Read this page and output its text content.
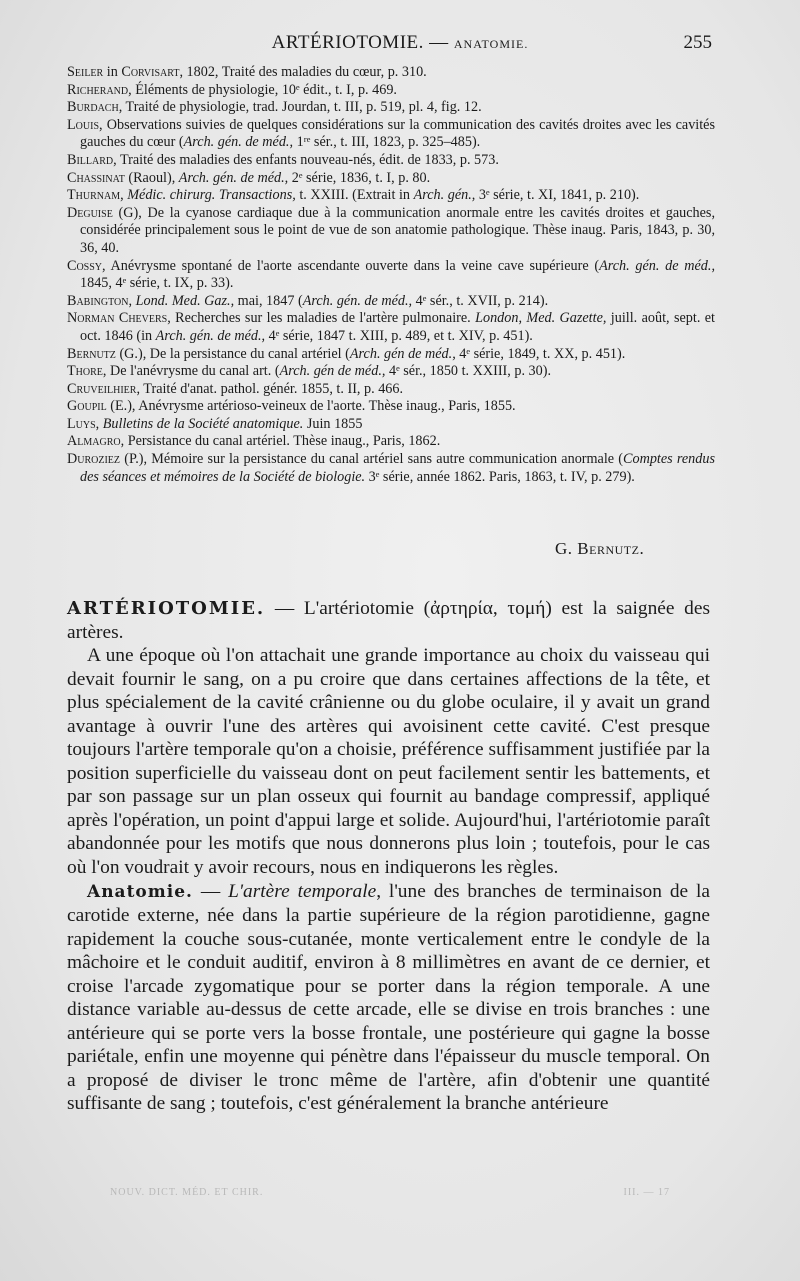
ARTÉRIOTOMIE. — ANATOMIE.	255
Seiler in Corvisart, 1802, Traité des maladies du cœur, p. 310.
Richerand, Éléments de physiologie, 10ᵉ édit., t. I, p. 469.
Burdach, Traité de physiologie, trad. Jourdan, t. III, p. 519, pl. 4, fig. 12.
Louis, Observations suivies de quelques considérations sur la communication des cavités droites avec les cavités gauches du cœur (Arch. gén. de méd., 1ʳᵉ sér., t. III, 1823, p. 325–485).
Billard, Traité des maladies des enfants nouveau-nés, édit. de 1833, p. 573.
Chassinat (Raoul), Arch. gén. de méd., 2ᵉ série, 1836, t. I, p. 80.
Thurnam, Médic. chirurg. Transactions, t. XXIII. (Extrait in Arch. gén., 3ᵉ série, t. XI, 1841, p. 210).
Deguise (G), De la cyanose cardiaque due à la communication anormale entre les cavités droites et gauches, considérée principalement sous le point de vue de son anatomie pathologique. Thèse inaug. Paris, 1843, p. 30, 36, 40.
Cossy, Anévrysme spontané de l'aorte ascendante ouverte dans la veine cave supérieure (Arch. gén. de méd., 1845, 4ᵉ série, t. IX, p. 33).
Babington, Lond. Med. Gaz., mai, 1847 (Arch. gén. de méd., 4ᵉ sér., t. XVII, p. 214).
Norman Chevers, Recherches sur les maladies de l'artère pulmonaire. London, Med. Gazette, juill. août, sept. et oct. 1846 (in Arch. gén. de méd., 4ᵉ série, 1847 t. XIII, p. 489, et t. XIV, p. 451).
Bernutz (G.), De la persistance du canal artériel (Arch. gén de méd., 4ᵉ série, 1849, t. XX, p. 451).
Thore, De l'anévrysme du canal art. (Arch. gén de méd., 4ᵉ sér., 1850 t. XXIII, p. 30).
Cruveilhier, Traité d'anat. pathol. génér. 1855, t. II, p. 466.
Goupil (E.), Anévrysme artérioso-veineux de l'aorte. Thèse inaug., Paris, 1855.
Luys, Bulletins de la Société anatomique. Juin 1855
Almagro, Persistance du canal artériel. Thèse inaug., Paris, 1862.
Duroziez (P.), Mémoire sur la persistance du canal artériel sans autre communication anormale (Comptes rendus des séances et mémoires de la Société de biologie. 3ᵉ série, année 1862. Paris, 1863, t. IV, p. 279).
G. Bernutz.

ARTÉRIOTOMIE. — L'artériotomie (ἀρτηρία, τομή) est la saignée des artères.

A une époque où l'on attachait une grande importance au choix du vaisseau qui devait fournir le sang, on a pu croire que dans certaines affections de la tête, et plus spécialement de la cavité crânienne ou du globe oculaire, il y avait un grand avantage à ouvrir l'une des artères qui avoisinent cette cavité. C'est presque toujours l'artère temporale qu'on a choisie, préférence suffisamment justifiée par la position superficielle du vaisseau dont on peut facilement sentir les battements, et par son passage sur un plan osseux qui fournit au bandage compressif, appliqué après l'opération, un point d'appui large et solide. Aujourd'hui, l'artériotomie paraît abandonnée pour les motifs que nous donnerons plus loin ; toutefois, pour le cas où l'on voudrait y avoir recours, nous en indiquerons les règles.

Anatomie. — L'artère temporale, l'une des branches de terminaison de la carotide externe, née dans la partie supérieure de la région parotidienne, gagne rapidement la couche sous-cutanée, monte verticalement entre le condyle de la mâchoire et le conduit auditif, environ à 8 millimètres en avant de ce dernier, et croise l'arcade zygomatique pour se porter dans la région temporale. A une distance variable au-dessus de cette arcade, elle se divise en trois branches : une antérieure qui se porte vers la bosse frontale, une postérieure qui gagne la bosse pariétale, enfin une moyenne qui pénètre dans l'épaisseur du muscle temporal. On a proposé de diviser le tronc même de l'artère, afin d'obtenir une quantité suffisante de sang ; toutefois, c'est généralement la branche antérieure

NOUV. DICT. MÉD. ET CHIR.	III. — 17
